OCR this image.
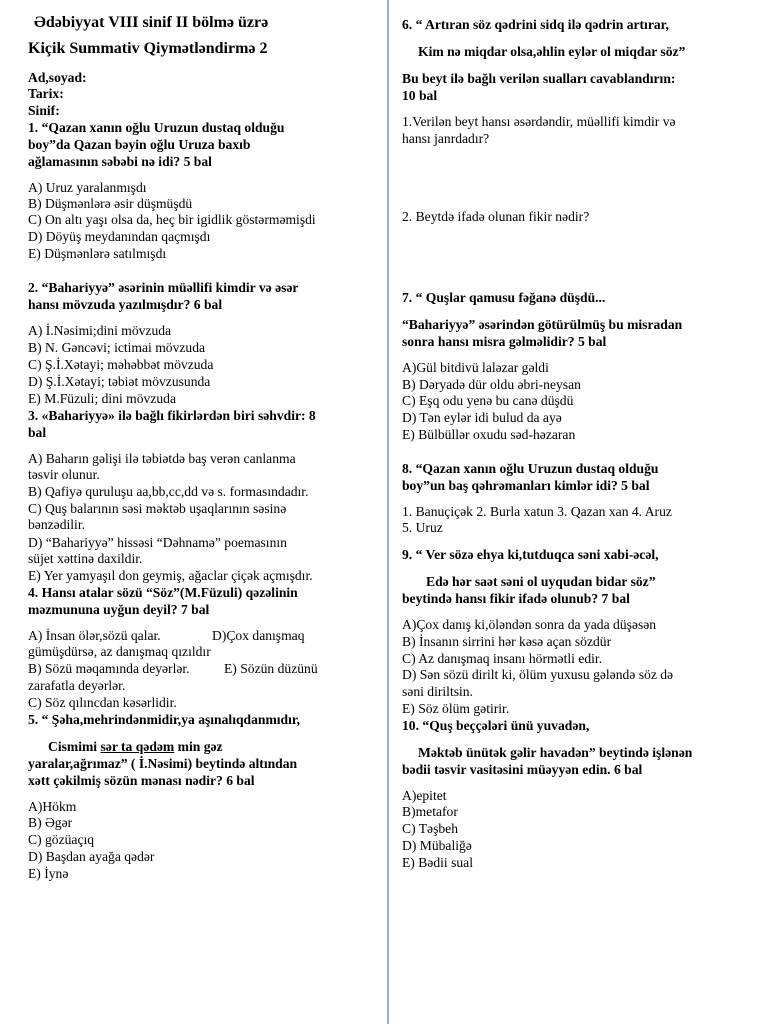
Ədəbiyyat VIII sinif II bölmə üzrə
Kiçik Summativ Qiymətləndirmə 2
Ad,soyad:
Tarix:
Sinif:
1. “Qazan xanın oğlu Uruzun dustaq olduğu
boy”da Qazan bəyin oğlu Uruza baxıb
ağlamasının səbəbi nə idi? 5 bal
A) Uruz yaralanmışdı
B) Düşmənlərə əsir düşmüşdü
C) On altı yaşı olsa da, heç bir igidlik göstərməmişdi
D) Döyüş meydanından qaçmışdı
E) Düşmənlərə satılmışdı
2. “Bahariyyə” əsərinin müəllifi kimdir və əsər
hansı mövzuda yazılmışdır? 6 bal
A) İ.Nəsimi;dini mövzuda
B) N. Gəncəvi; ictimai mövzuda
C) Ş.İ.Xətayi; məhəbbət mövzuda
D) Ş.İ.Xətayi; təbiət mövzusunda
E) M.Füzuli; dini mövzuda
3. «Bahariyyə» ilə bağlı fikirlərdən biri səhvdir: 8
bal
A) Baharın gəlişi ilə təbiətdə baş verən canlanma
təsvir olunur.
B) Qafiyə quruluşu aa,bb,cc,dd və s. formasındadır.
C) Quş balarının səsi məktəb uşaqlarının səsinə
bənzədilir.
D) “Bahariyyə” hissəsi “Dəhnamə” poemasının
süjet xəttinə daxildir.
E) Yer yamyaşıl don geymiş, ağaclar çiçək açmışdır.
4. Hansı atalar sözü “Söz”(M.Füzuli) qəzəlinin
məzmununa uyğun deyil? 7 bal
A) İnsan ölər,sözü qalar.	D)Çox danışmaq
gümüşdürsə, az danışmaq qızıldır
B) Sözü məqamında deyərlər.	E) Sözün düzünü
zarafatla deyərlər.
C) Söz qılıncdan kəsərlidir.
5. “ Şəha,mehrindənmidir,ya aşınalıqdanmıdır,
Cismimi sər ta qədəm min gəz
yaralar,ağrımaz” ( İ.Nəsimi) beytində altından
xətt çəkilmiş sözün mənası nədir? 6 bal
A)Hökm
B) Əgər
C) gözüaçıq
D) Başdan ayağa qədər
E) İynə
6. “ Artıran söz qədrini sidq ilə qədrin artırar,
Kim nə miqdar olsa,əhlin eylər ol miqdar söz”
Bu beyt ilə bağlı verilən sualları cavablandırın:
10 bal
1.Verilən beyt hansı əsərdəndir, müəllifi kimdir və
hansı janrdadır?
2. Beytdə ifadə olunan fikir nədir?
7. “ Quşlar qamusu fəğanə düşdü...
“Bahariyyə” əsərindən götürülmüş bu misradan
sonra hansı misra gəlməlidir? 5 bal
A)Gül bitdivü laləzar gəldi
B) Dəryadə dür oldu əbri-neysan
C) Eşq odu yenə bu canə düşdü
D) Tən eylər idi bulud da ayə
E) Bülbüllər oxudu səd-həzaran
8. “Qazan xanın oğlu Uruzun dustaq olduğu
boy”un baş qəhrəmanları kimlər idi? 5 bal
1. Banuçiçək 2. Burla xatun 3. Qazan xan 4. Aruz
5. Uruz
9. “ Ver sözə ehya ki,tutduqca səni xabi-əcəl,
Edə hər saət səni ol uyqudan bidar söz”
beytində hansı fikir ifadə olunub? 7 bal
A)Çox danış ki,öləndən sonra da yada düşəsən
B) İnsanın sirrini hər kəsə açan sözdür
C) Az danışmaq insanı hörmətli edir.
D) Sən sözü dirilt ki, ölüm yuxusu gələndə söz də
səni diriltsin.
E) Söz ölüm gətirir.
10. “Quş beççələri ünü yuvadən,
Məktəb ünütək gəlir havadən” beytində işlənən
bədii təsvir vasitəsini müəyyən edin. 6 bal
A)epitet
B)metafor
C) Təşbeh
D) Mübaliğə
E) Bədii sual
